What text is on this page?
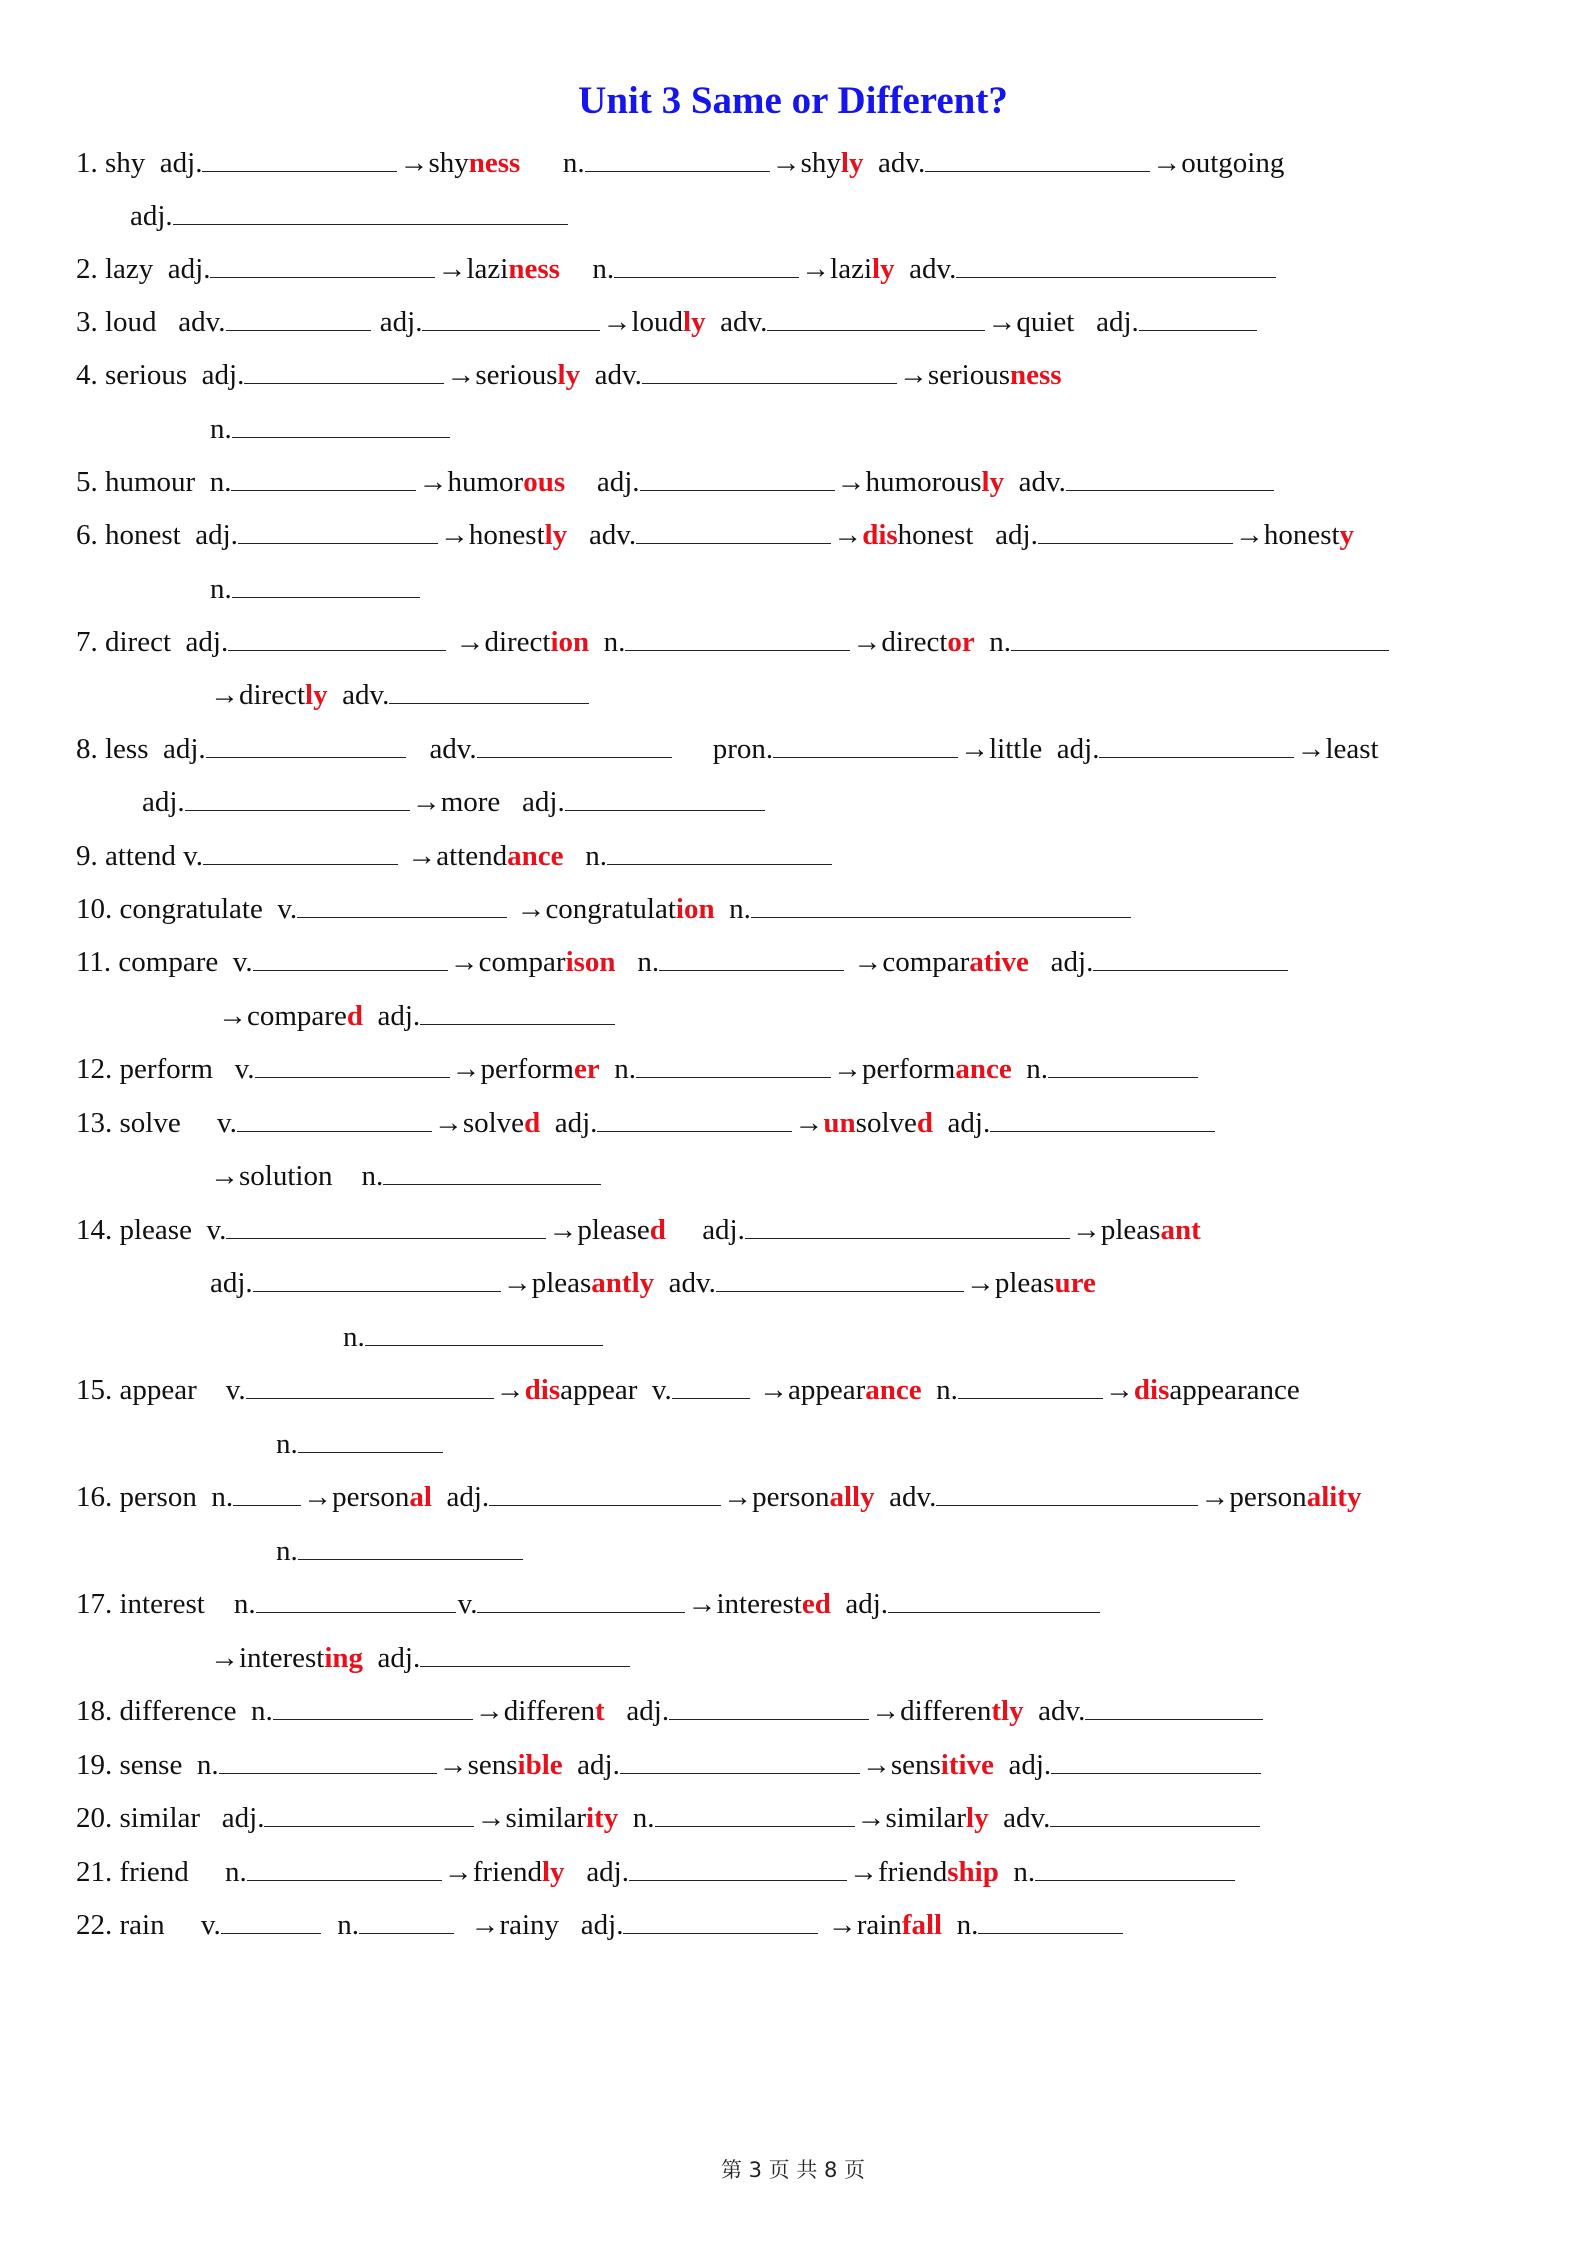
Unit 3 Same or Different?
1. shy  adj.	→shyness  n.	→shyly  adv.	→outgoing
adj.
2. lazy  adj.	→laziness  n.	→lazily  adv.
3. loud   adv.	adj.	→loudly  adv.	→quiet   adj.
4. serious  adj.	→seriously  adv.	→seriousness
n.
5. humour  n.	→humorous   adj.	→humorously  adv.
6. honest  adj.	→honestly   adv.	→dishonest   adj.	→honesty
n.
7. direct  adj.	→direction  n.	→director  n.
→directly  adv.
8. less  adj.	adv.	pron.	→little  adj.	→least
adj.	→more   adj.
9. attend v.	→attendance   n.
10. congratulate  v.	→congratulation  n.
11. compare  v.	→comparison   n.	→comparative   adj.
→compared  adj.
12. perform   v.	→performer  n.	→performance  n.
13. solve     v.	→solved  adj.	→unsolved  adj.
→solution    n.
14. please  v.	→pleased     adj.	→pleasant
adj.	→pleasantly  adv.	→pleasure
n.
15. appear    v.	→disappear  v.	→appearance  n.	→disappearance
n.
16. person  n. →personal  adj.	→personally  adv.	→personality
n.
17. interest    n.	v.	→interested  adj.
→interesting  adj.
18. difference  n.	→different   adj.	→differently  adv.
19. sense  n.	→sensible  adj.	→sensitive  adj.
20. similar   adj.	→similarity  n.	→similarly  adv.
21. friend     n.	→friendly   adj.	→friendship  n.
22. rain     v.	n.	→rainy   adj.	→rainfall  n.
第 3 页 共 8 页
